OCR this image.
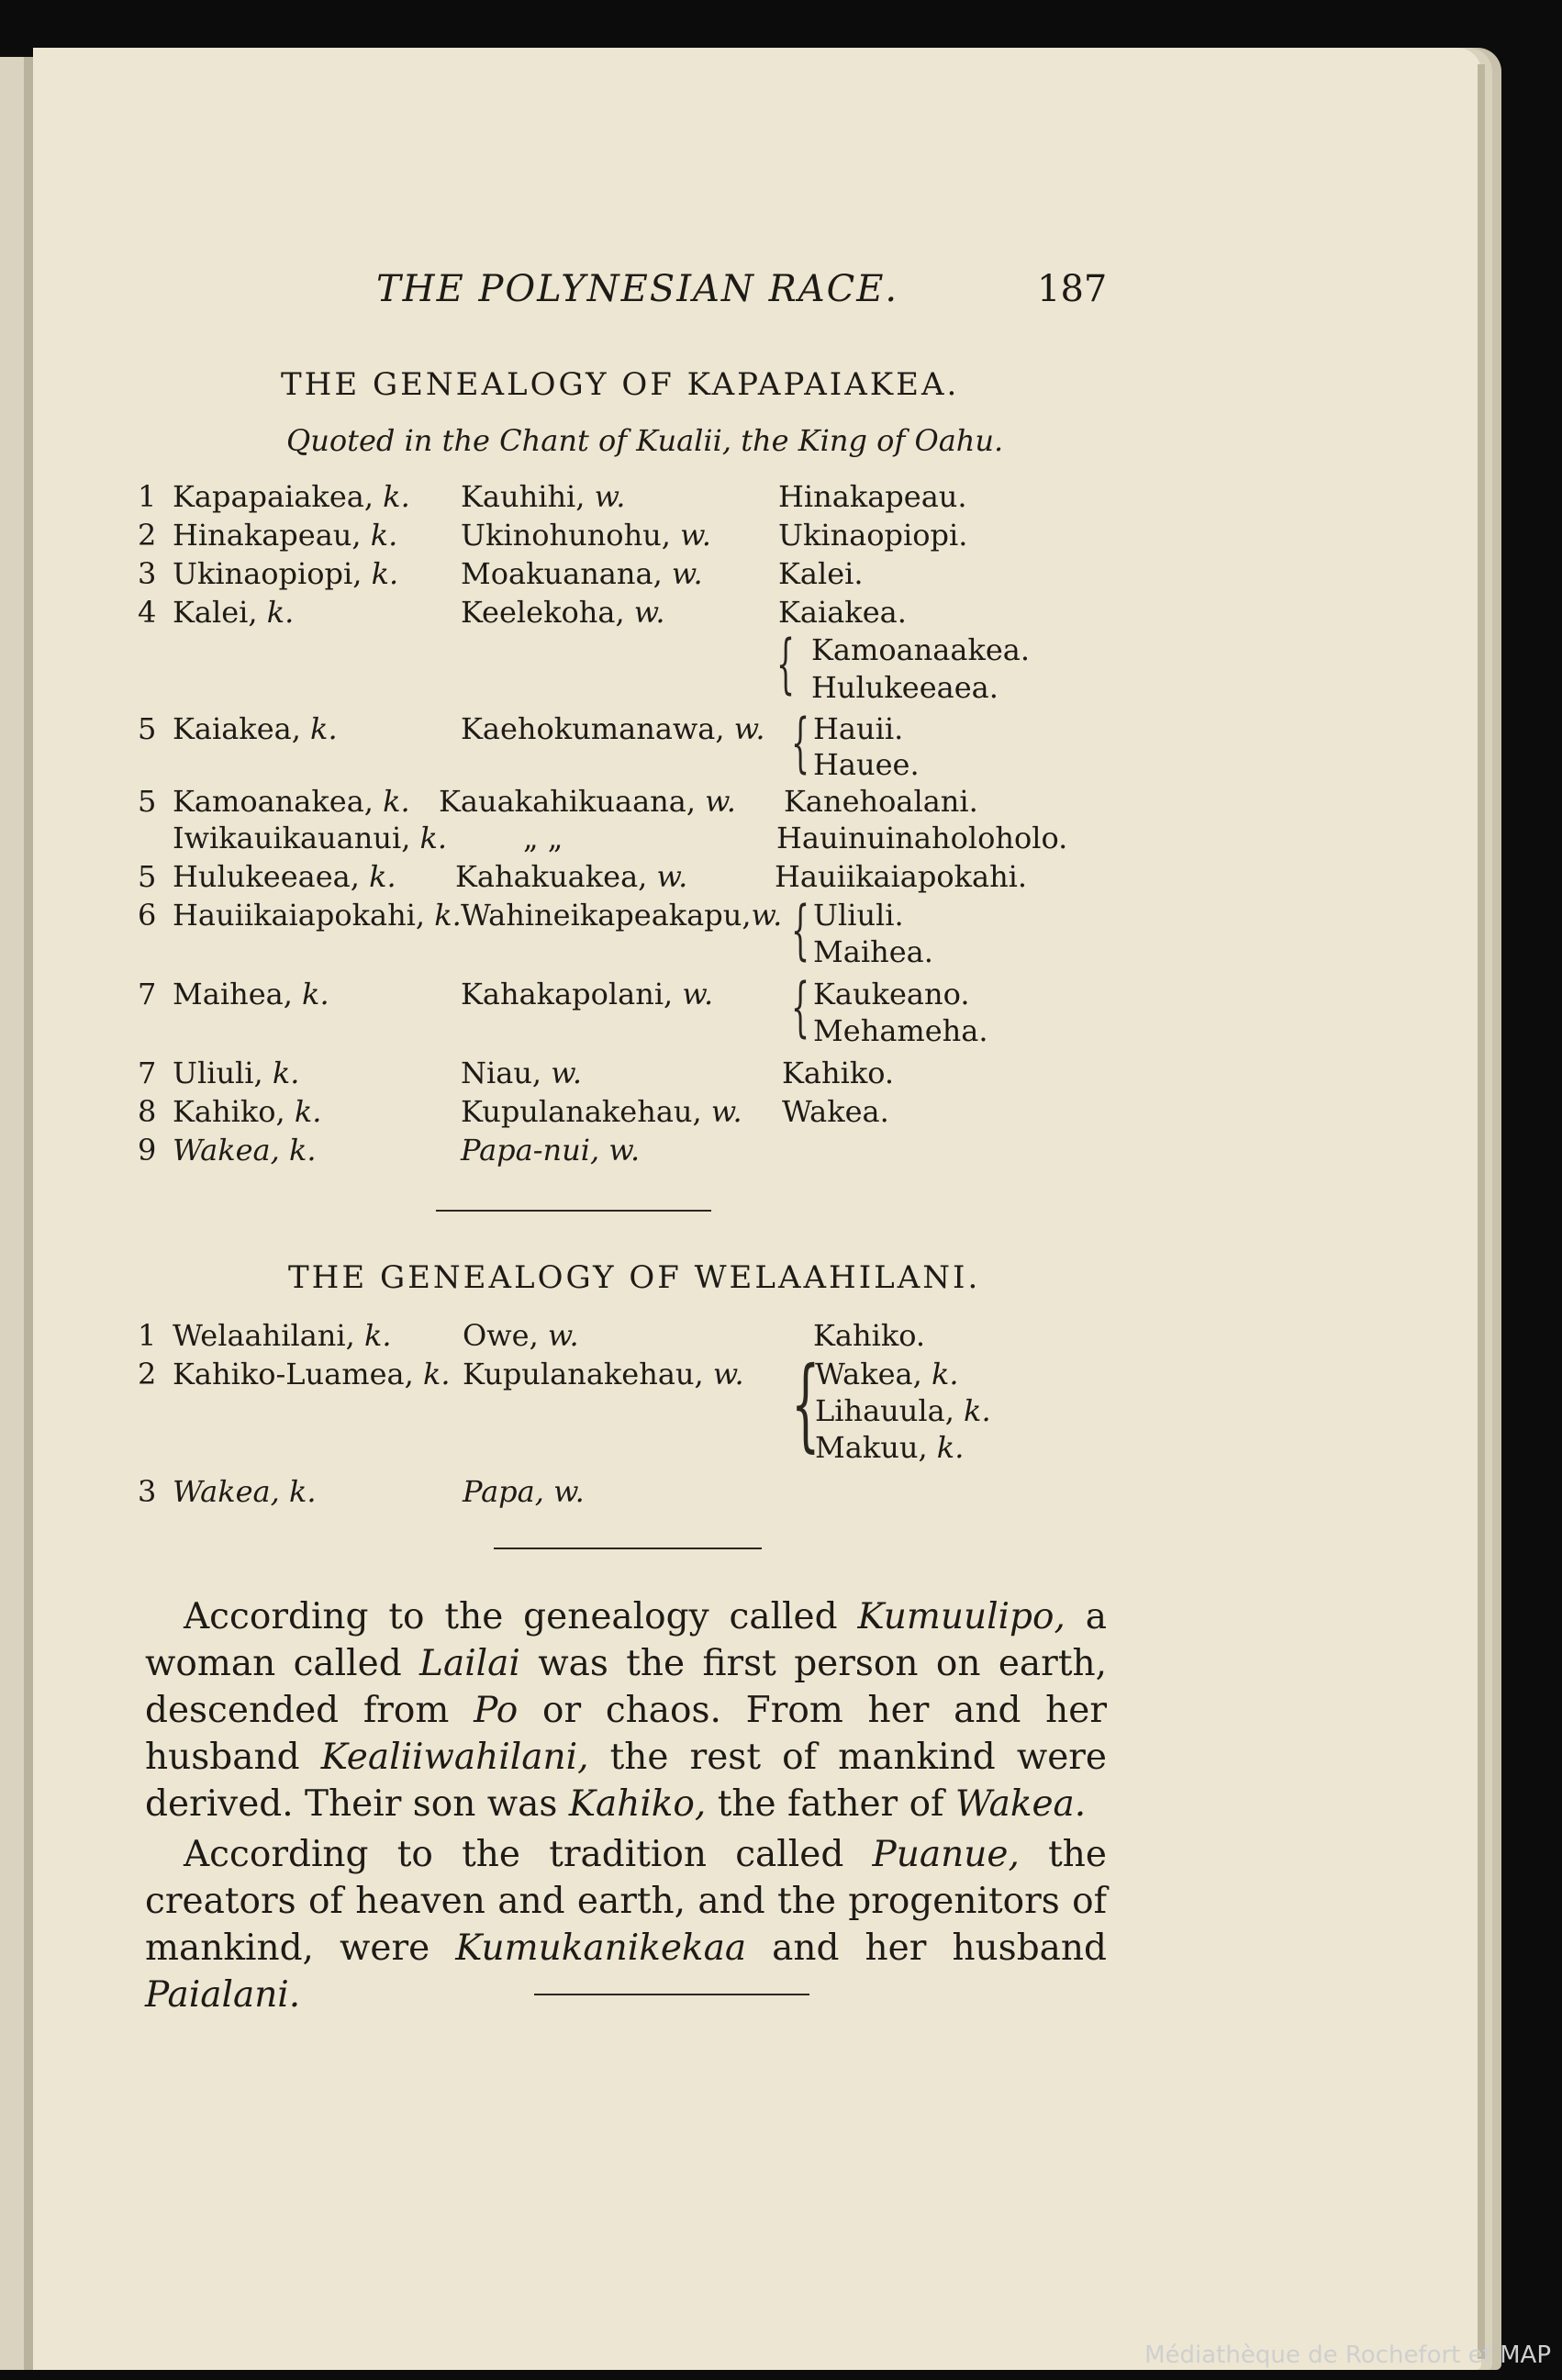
THE POLYNESIAN RACE.	187
THE GENEALOGY OF KAPAPAIAKEA.
Quoted in the Chant of Kualii, the King of Oahu.
1 Kapapaiakea, k. Kauhihi, w.	Hinakapeau.
2 Hinakapeau, k. Ukinohunohu, w. Ukinaopiopi.
3 Ukinaopiopi, k. Moakuanana, w.	Kalei.
4 Kalei, k.	Keelekoha, w.	Kaiakea.
{ Kamoanaakea.
Hulukeeaea.
5 Kaiakea, k.	Kaehokumanawa, w. { Hauii.
Hauee.
5 Kamoanakea, k. Kauakahikuaana, w. Kanehoalani.
Iwikauikauanui, k.	„ „	Hauinuinaholoholo.
5 Hulukeeaea, k. Kahakuakea, w.	Hauiikaiapokahi.
6 Hauiikaiapokahi, k. Wahineikapeakapu,w. { Uliuli.
Maihea.
7 Maihea, k.	Kahakapolani, w. { Kaukeano.
Mehameha.
7 Uliuli, k.	Niau, w.	Kahiko.
8 Kahiko, k.	Kupulanakehau, w. Wakea.
9 Wakea, k.	Papa-nui, w.
THE GENEALOGY OF WELAAHILANI.
1 Welaahilani, k. Owe, w.	Kahiko.
2 Kahiko-Luamea, k. Kupulanakehau, w. {
Wakea, k.
Lihauula, k.
Makuu, k.
3 Wakea, k.	Papa, w.

According to the genealogy called Kumuulipo, a woman called Lailai was the first person on earth, descended from Po or chaos. From her and her husband Kealiiwahilani, the rest of mankind were derived. Their son was Kahiko, the father of Wakea.

According to the tradition called Puanue, the creators of heaven and earth, and the progenitors of mankind, were Kumukanikekaa and her husband Paialani.

Médiathèque de Rochefort et MAP
